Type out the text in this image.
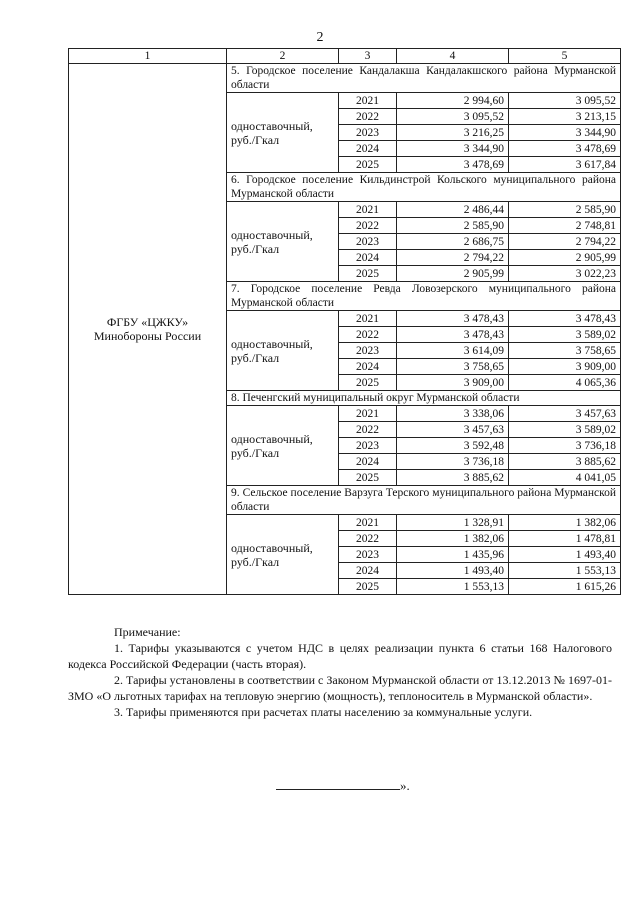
2
1	2	3	4	5
ФГБУ «ЦЖКУ» Минобороны России	5. Городское поселение Кандалакша Кандалакшского района Мурманской области			
	одноставочный, руб./Гкал	2021	2 994,60	3 095,52
		2022	3 095,52	3 213,15
		2023	3 216,25	3 344,90
		2024	3 344,90	3 478,69
		2025	3 478,69	3 617,84
	6. Городское поселение Кильдинстрой Кольского муниципального района Мурманской области			
	одноставочный, руб./Гкал	2021	2 486,44	2 585,90
		2022	2 585,90	2 748,81
		2023	2 686,75	2 794,22
		2024	2 794,22	2 905,99
		2025	2 905,99	3 022,23
	7. Городское поселение Ревда Ловозерского муниципального района Мурманской области			
	одноставочный, руб./Гкал	2021	3 478,43	3 478,43
		2022	3 478,43	3 589,02
		2023	3 614,09	3 758,65
		2024	3 758,65	3 909,00
		2025	3 909,00	4 065,36
	8. Печенгский муниципальный округ Мурманской области			
	одноставочный, руб./Гкал	2021	3 338,06	3 457,63
		2022	3 457,63	3 589,02
		2023	3 592,48	3 736,18
		2024	3 736,18	3 885,62
		2025	3 885,62	4 041,05
	9. Сельское поселение Варзуга Терского муниципального района Мурманской области			
	одноставочный, руб./Гкал	2021	1 328,91	1 382,06
		2022	1 382,06	1 478,81
		2023	1 435,96	1 493,40
		2024	1 493,40	1 553,13
		2025	1 553,13	1 615,26

Примечание:

1. Тарифы указываются с учетом НДС в целях реализации пункта 6 статьи 168 Налогового кодекса Российской Федерации (часть вторая).

2. Тарифы установлены в соответствии с Законом Мурманской области от 13.12.2013 № 1697-01-ЗМО «О льготных тарифах на тепловую энергию (мощность), теплоноситель в Мурманской области».

3. Тарифы применяются при расчетах платы населению за коммунальные услуги.

».
